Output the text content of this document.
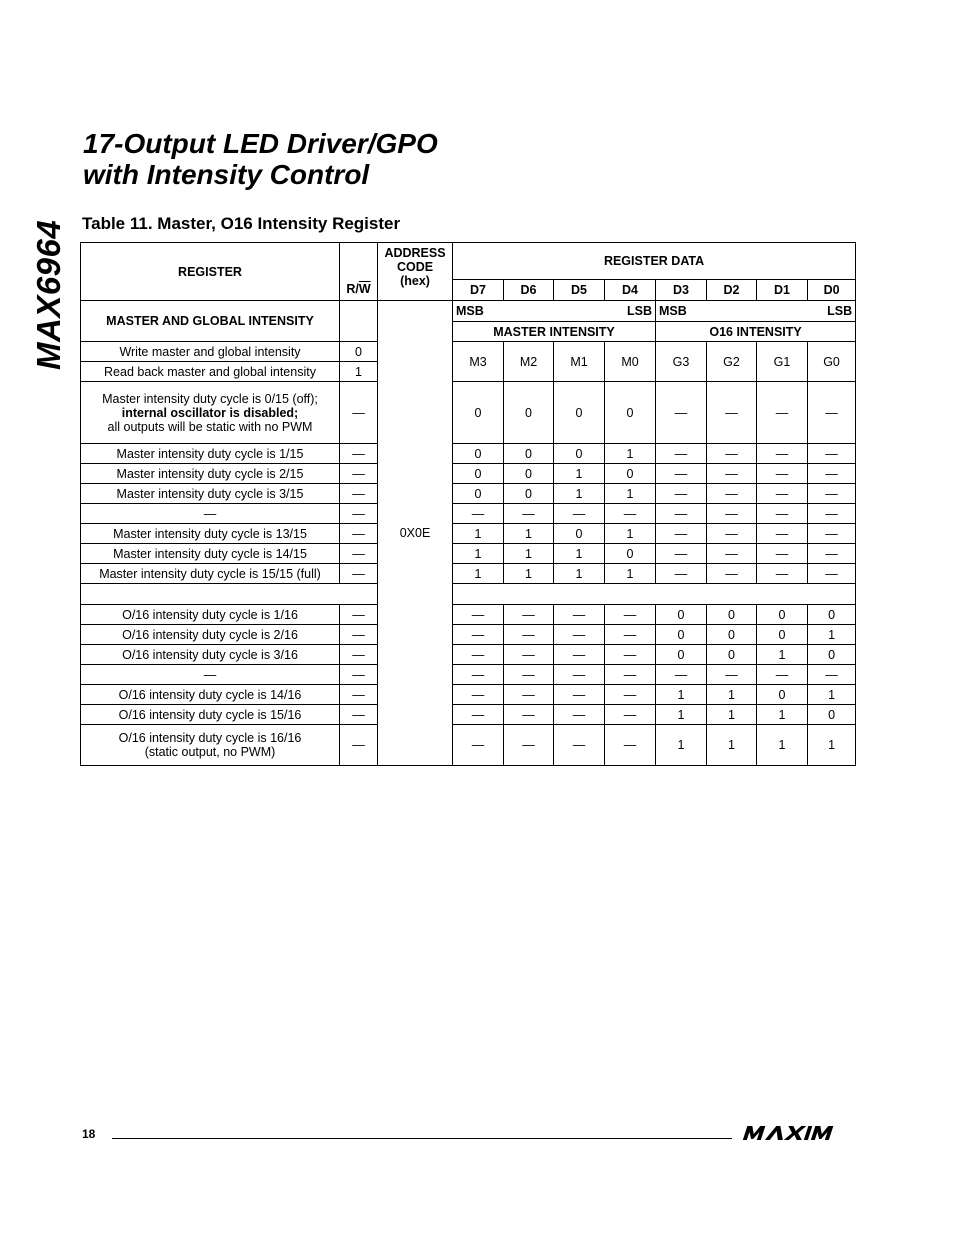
MAX6964
17-Output LED Driver/GPO
with Intensity Control
Table 11. Master, O16 Intensity Register
REGISTER	$R/\overline{W}$	ADDRESS
CODE
(hex)	REGISTER DATA							
			D7	D6	D5	D4	D3	D2	D1	D0
MASTER AND GLOBAL INTENSITY		0X0E	MSB LSB				MSB LSB			

			MASTER INTENSITY				O16 INTENSITY			
Write master and global intensity	0		M3	M2	M1	M0	G3	G2	G1	G0
Read back master and global intensity	1									

Master intensity duty cycle is 0/15 (off);
internal oscillator is disabled;
all outputs will be static with no PWM	—		0	0	0	0	—	—	—	—
Master intensity duty cycle is 1/15	—		0	0	0	1	—	—	—	—
Master intensity duty cycle is 2/15	—		0	0	1	0	—	—	—	—
Master intensity duty cycle is 3/15	—		0	0	1	1	—	—	—	—
—	—		—	—	—	—	—	—	—	—
Master intensity duty cycle is 13/15	—		1	1	0	1	—	—	—	—
Master intensity duty cycle is 14/15	—		1	1	1	0	—	—	—	—
Master intensity duty cycle is 15/15 (full)	—		1	1	1	1	—	—	—	—

O/16 intensity duty cycle is 1/16	—		—	—	—	—	0	0	0	0
O/16 intensity duty cycle is 2/16	—		—	—	—	—	0	0	0	1
O/16 intensity duty cycle is 3/16	—		—	—	—	—	0	0	1	0
—	—		—	—	—	—	—	—	—	—
O/16 intensity duty cycle is 14/16	—		—	—	—	—	1	1	0	1
O/16 intensity duty cycle is 15/16	—		—	—	—	—	1	1	1	0

O/16 intensity duty cycle is 16/16
(static output, no PWM)	—		—	—	—	—	1	1	1	1
18
